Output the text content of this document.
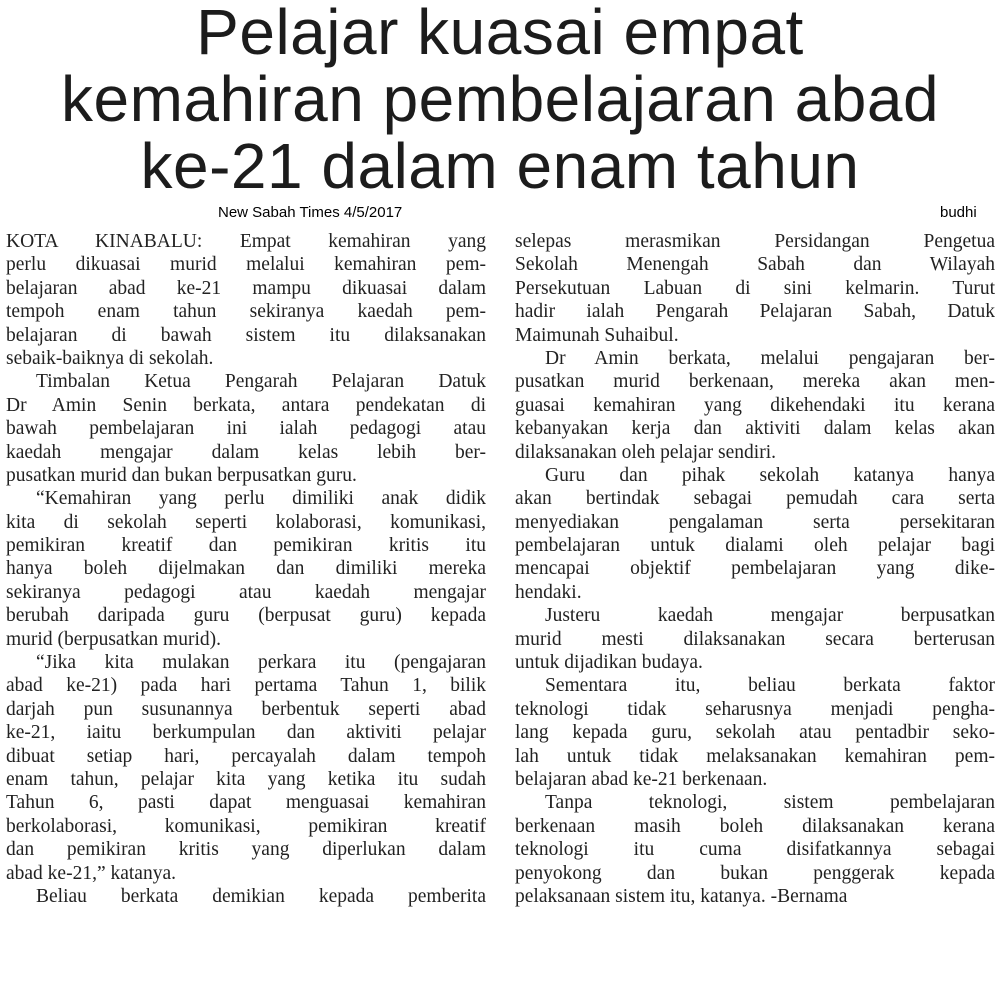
Pelajar kuasai empat
kemahiran pembelajaran abad
ke-21 dalam enam tahun
New Sabah Times 4/5/2017	budhi
KOTA KINABALU: Empat kemahiran yang
perlu dikuasai murid melalui kemahiran pem-
belajaran abad ke-21 mampu dikuasai dalam
tempoh enam tahun sekiranya kaedah pem-
belajaran di bawah sistem itu dilaksanakan
sebaik-baiknya di sekolah.
Timbalan Ketua Pengarah Pelajaran Datuk
Dr Amin Senin berkata, antara pendekatan di
bawah pembelajaran ini ialah pedagogi atau
kaedah mengajar dalam kelas lebih ber-
pusatkan murid dan bukan berpusatkan guru.
“Kemahiran yang perlu dimiliki anak didik
kita di sekolah seperti kolaborasi, komunikasi,
pemikiran kreatif dan pemikiran kritis itu
hanya boleh dijelmakan dan dimiliki mereka
sekiranya pedagogi atau kaedah mengajar
berubah daripada guru (berpusat guru) kepada
murid (berpusatkan murid).
“Jika kita mulakan perkara itu (pengajaran
abad ke-21) pada hari pertama Tahun 1, bilik
darjah pun susunannya berbentuk seperti abad
ke-21, iaitu berkumpulan dan aktiviti pelajar
dibuat setiap hari, percayalah dalam tempoh
enam tahun, pelajar kita yang ketika itu sudah
Tahun 6, pasti dapat menguasai kemahiran
berkolaborasi, komunikasi, pemikiran kreatif
dan pemikiran kritis yang diperlukan dalam
abad ke-21,” katanya.
Beliau berkata demikian kepada pemberita
selepas merasmikan Persidangan Pengetua
Sekolah Menengah Sabah dan Wilayah
Persekutuan Labuan di sini kelmarin. Turut
hadir ialah Pengarah Pelajaran Sabah, Datuk
Maimunah Suhaibul.
Dr Amin berkata, melalui pengajaran ber-
pusatkan murid berkenaan, mereka akan men-
guasai kemahiran yang dikehendaki itu kerana
kebanyakan kerja dan aktiviti dalam kelas akan
dilaksanakan oleh pelajar sendiri.
Guru dan pihak sekolah katanya hanya
akan bertindak sebagai pemudah cara serta
menyediakan pengalaman serta persekitaran
pembelajaran untuk dialami oleh pelajar bagi
mencapai objektif pembelajaran yang dike-
hendaki.
Justeru kaedah mengajar berpusatkan
murid mesti dilaksanakan secara berterusan
untuk dijadikan budaya.
Sementara itu, beliau berkata faktor
teknologi tidak seharusnya menjadi pengha-
lang kepada guru, sekolah atau pentadbir seko-
lah untuk tidak melaksanakan kemahiran pem-
belajaran abad ke-21 berkenaan.
Tanpa teknologi, sistem pembelajaran
berkenaan masih boleh dilaksanakan kerana
teknologi itu cuma disifatkannya sebagai
penyokong dan bukan penggerak kepada
pelaksanaan sistem itu, katanya. -Bernama
